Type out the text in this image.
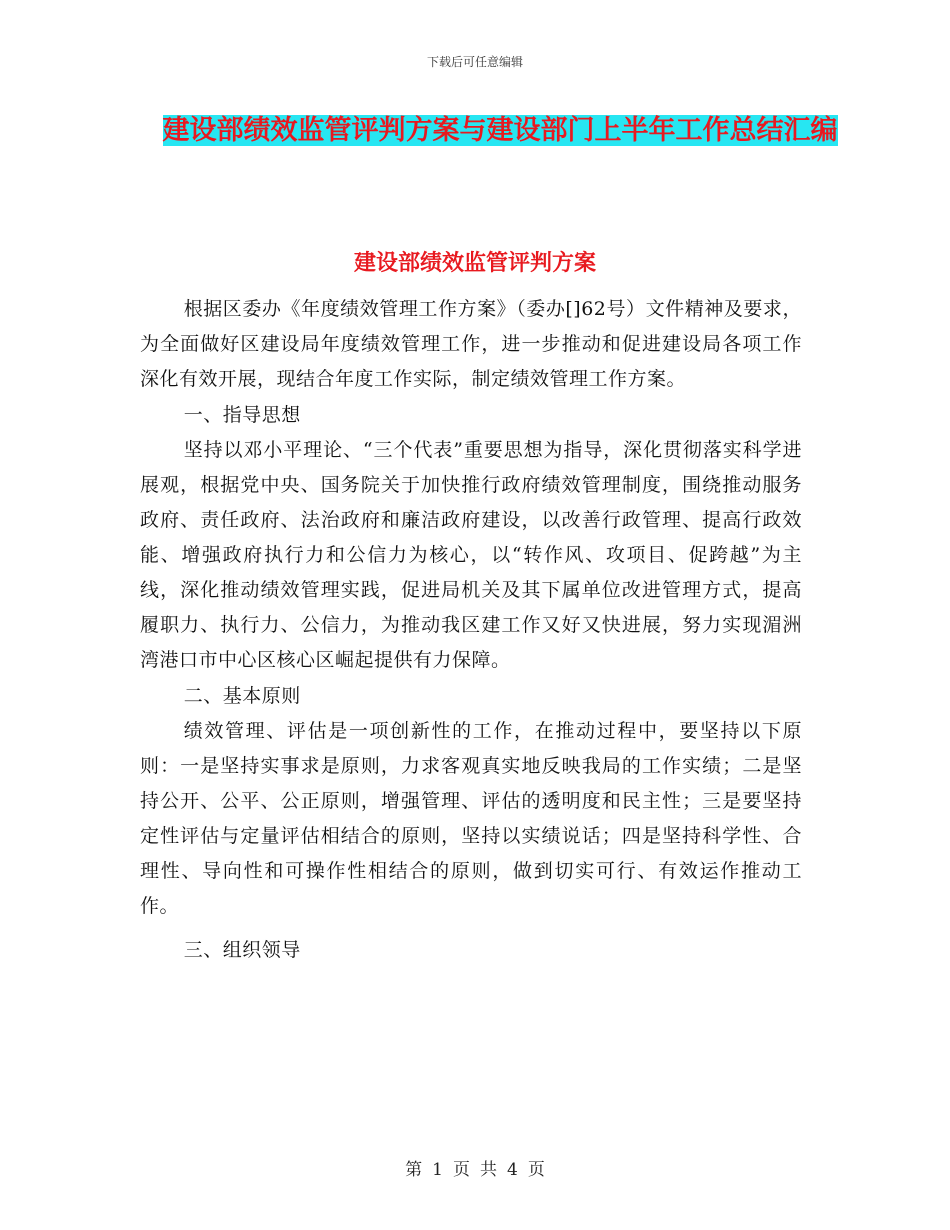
下载后可任意编辑
建设部绩效监管评判方案与建设部门上半年工作总结汇编
建设部绩效监管评判方案

根据区委办《年度绩效管理工作方案》（委办[]62号）文件精神及要求，为全面做好区建设局年度绩效管理工作，进一步推动和促进建设局各项工作深化有效开展，现结合年度工作实际，制定绩效管理工作方案。

一、指导思想

坚持以邓小平理论、“三个代表”重要思想为指导，深化贯彻落实科学进展观，根据党中央、国务院关于加快推行政府绩效管理制度，围绕推动服务政府、责任政府、法治政府和廉洁政府建设，以改善行政管理、提高行政效能、增强政府执行力和公信力为核心，以“转作风、攻项目、促跨越”为主线，深化推动绩效管理实践，促进局机关及其下属单位改进管理方式，提高履职力、执行力、公信力，为推动我区建工作又好又快进展，努力实现湄洲湾港口市中心区核心区崛起提供有力保障。

二、基本原则

绩效管理、评估是一项创新性的工作，在推动过程中，要坚持以下原则：一是坚持实事求是原则，力求客观真实地反映我局的工作实绩；二是坚持公开、公平、公正原则，增强管理、评估的透明度和民主性；三是要坚持定性评估与定量评估相结合的原则，坚持以实绩说话；四是坚持科学性、合理性、导向性和可操作性相结合的原则，做到切实可行、有效运作推动工作。

三、组织领导

第 1 页 共 4 页
